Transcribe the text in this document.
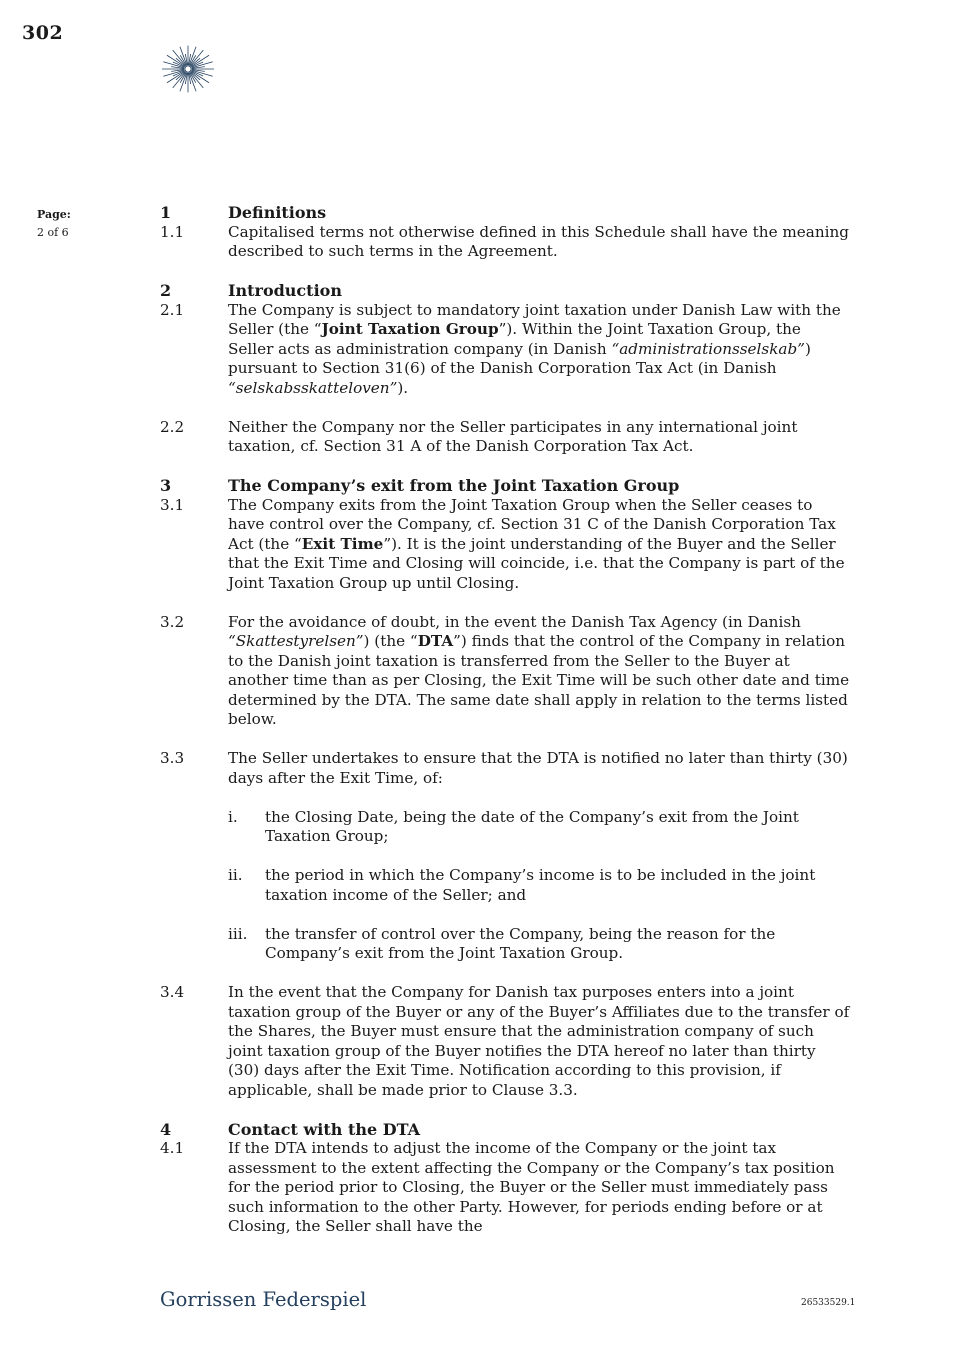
302
Page:
2 of 6
1	Definitions
1.1	Capitalised terms not otherwise defined in this Schedule shall have the meaning described to such terms in the Agreement.
2	Introduction
2.1	The Company is subject to mandatory joint taxation under Danish Law with the Seller (the “Joint Taxation Group”). Within the Joint Taxation Group, the Seller acts as administration company (in Danish “administrationsselskab”) pursuant to Section 31(6) of the Danish Corporation Tax Act (in Danish “selskabsskatteloven”).
2.2	Neither the Company nor the Seller participates in any international joint taxation, cf. Section 31 A of the Danish Corporation Tax Act.
3	The Company’s exit from the Joint Taxation Group
3.1	The Company exits from the Joint Taxation Group when the Seller ceases to have control over the Company, cf. Section 31 C of the Danish Corporation Tax Act (the “Exit Time”). It is the joint understanding of the Buyer and the Seller that the Exit Time and Closing will coincide, i.e. that the Company is part of the Joint Taxation Group up until Closing.
3.2	For the avoidance of doubt, in the event the Danish Tax Agency (in Danish “Skattestyrelsen”) (the “DTA”) finds that the control of the Company in relation to the Danish joint taxation is transferred from the Seller to the Buyer at another time than as per Closing, the Exit Time will be such other date and time determined by the DTA. The same date shall apply in relation to the terms listed below.
3.3	The Seller undertakes to ensure that the DTA is notified no later than thirty (30) days after the Exit Time, of:
i.	the Closing Date, being the date of the Company’s exit from the Joint Taxation Group;
ii.	the period in which the Company’s income is to be included in the joint taxation income of the Seller; and
iii.	the transfer of control over the Company, being the reason for the Company’s exit from the Joint Taxation Group.
3.4	In the event that the Company for Danish tax purposes enters into a joint taxation group of the Buyer or any of the Buyer’s Affiliates due to the transfer of the Shares, the Buyer must ensure that the administration company of such joint taxation group of the Buyer notifies the DTA hereof no later than thirty (30) days after the Exit Time. Notification according to this provision, if applicable, shall be made prior to Clause 3.3.
4	Contact with the DTA
4.1	If the DTA intends to adjust the income of the Company or the joint tax assessment to the extent affecting the Company or the Company’s tax position for the period prior to Closing, the Buyer or the Seller must immediately pass such information to the other Party. However, for periods ending before or at Closing, the Seller shall have the
Gorrissen Federspiel	26533529.1
